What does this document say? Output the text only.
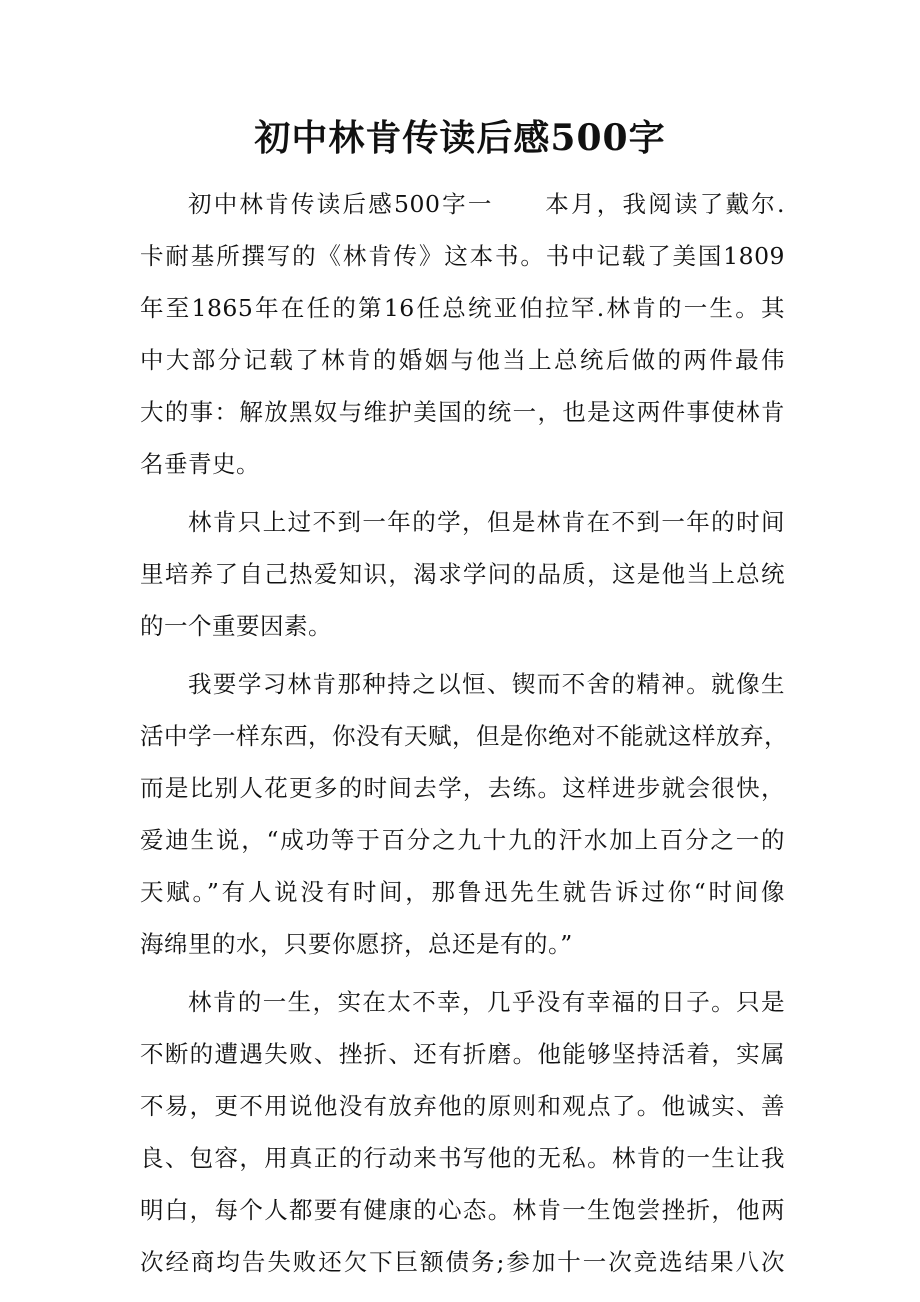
初中林肯传读后感500字
初中林肯传读后感500字一　　本月，我阅读了戴尔.
卡耐基所撰写的《林肯传》这本书。书中记载了美国1809
年至1865年在任的第16任总统亚伯拉罕.林肯的一生。其
中大部分记载了林肯的婚姻与他当上总统后做的两件最伟
大的事：解放黑奴与维护美国的统一，也是这两件事使林肯
名垂青史。
林肯只上过不到一年的学，但是林肯在不到一年的时间
里培养了自己热爱知识，渴求学问的品质，这是他当上总统
的一个重要因素。
我要学习林肯那种持之以恒、锲而不舍的精神。就像生
活中学一样东西，你没有天赋，但是你绝对不能就这样放弃，
而是比别人花更多的时间去学，去练。这样进步就会很快，
爱迪生说，“成功等于百分之九十九的汗水加上百分之一的
天赋。”有人说没有时间，那鲁迅先生就告诉过你“时间像
海绵里的水，只要你愿挤，总还是有的。”
林肯的一生，实在太不幸，几乎没有幸福的日子。只是
不断的遭遇失败、挫折、还有折磨。他能够坚持活着，实属
不易，更不用说他没有放弃他的原则和观点了。他诚实、善
良、包容，用真正的行动来书写他的无私。林肯的一生让我
明白，每个人都要有健康的心态。林肯一生饱尝挫折，他两
次经商均告失败还欠下巨额债务;参加十一次竞选结果八次
